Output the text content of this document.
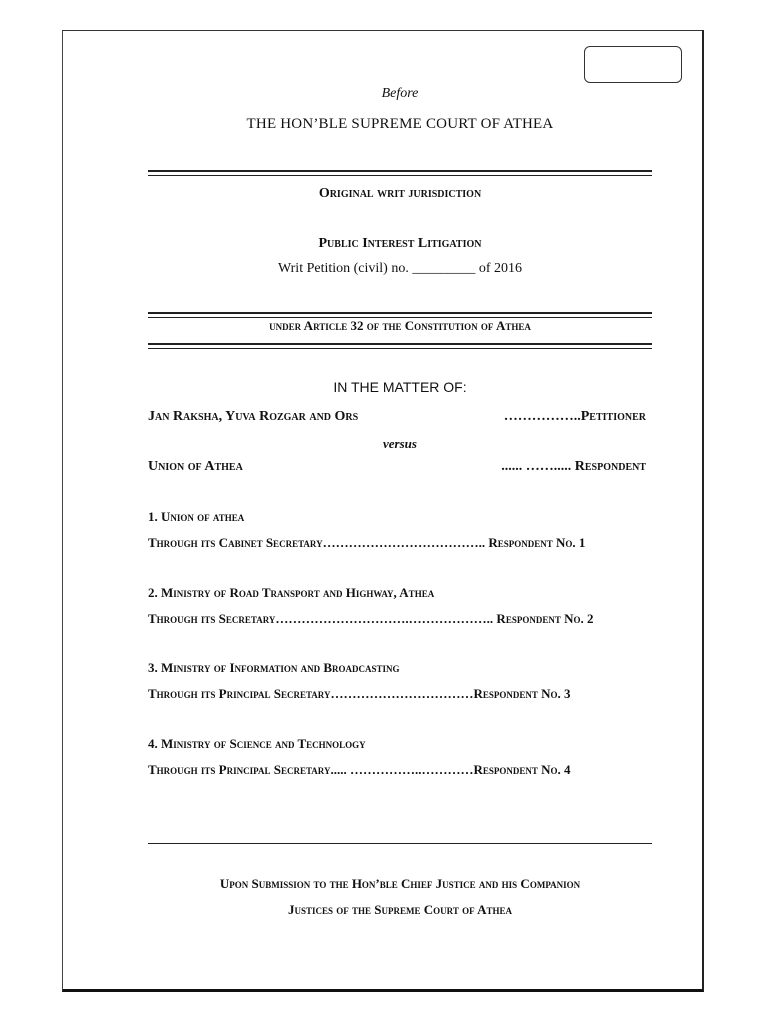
Before
THE HON’BLE SUPREME COURT OF ATHEA
Original writ jurisdiction
Public Interest Litigation
Writ Petition (civil) no. _________ of 2016
under Article 32 of the Constitution of Athea
IN THE MATTER OF:
Jan Raksha, Yuva Rozgar and Ors	……………..Petitioner
versus
Union of Athea	...... ……..... Respondent
1. Union of athea
Through its Cabinet Secretary……………………………….. Respondent No. 1
2. Ministry of Road Transport and Highway, Athea
Through its Secretary………………………….……………….. Respondent No. 2
3. Ministry of Information and Broadcasting
Through its Principal Secretary……………………………Respondent No. 3
4. Ministry of Science and Technology
Through its Principal Secretary..... ……………..…………Respondent No. 4
Upon Submission to the Hon’ble Chief Justice and his Companion
Justices of the Supreme Court of Athea
